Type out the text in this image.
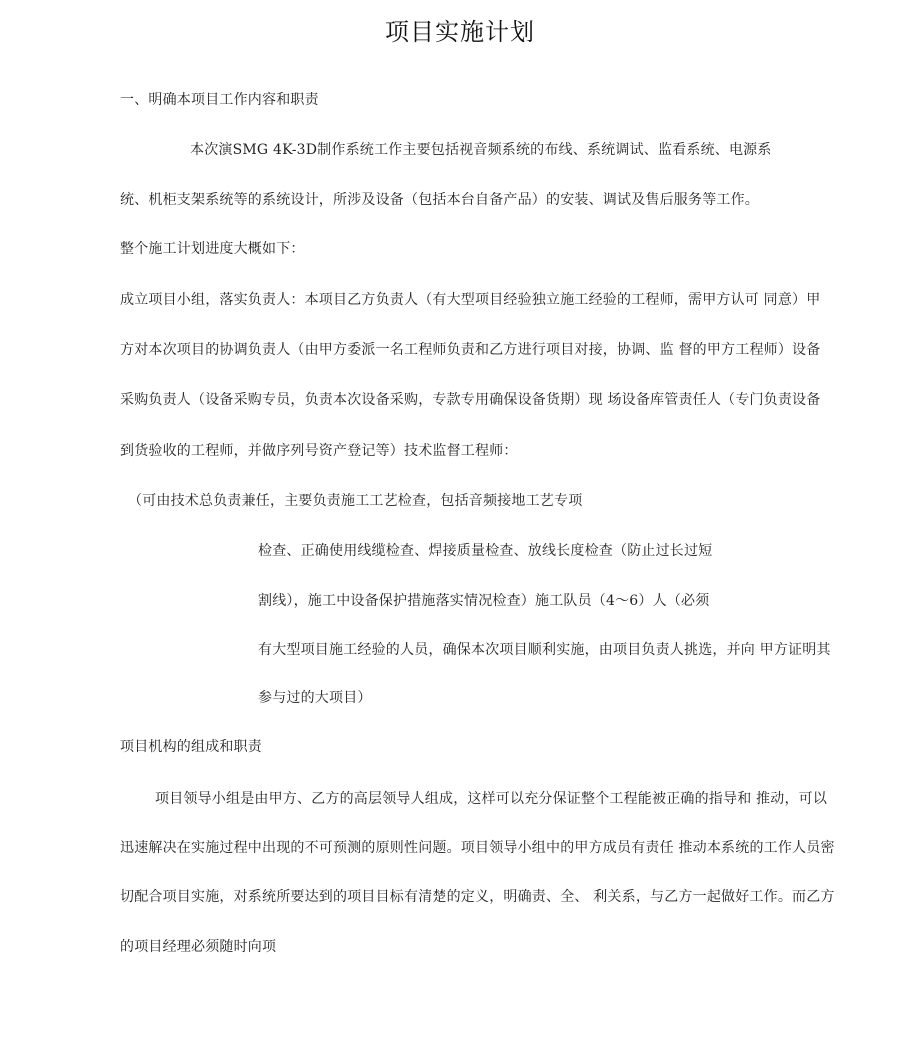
项目实施计划
一、明确本项目工作内容和职责
本次演SMG 4K-3D制作系统工作主要包括视音频系统的布线、系统调试、监看系统、电源系
统、机柜支架系统等的系统设计，所涉及设备（包括本台自备产品）的安装、调试及售后服务等工作。
整个施工计划进度大概如下：
成立项目小组，落实负责人：本项目乙方负责人（有大型项目经验独立施工经验的工程师，需甲方认可 同意）甲
方对本次项目的协调负责人（由甲方委派一名工程师负责和乙方进行项目对接，协调、监 督的甲方工程师）设备
采购负责人（设备采购专员，负责本次设备采购，专款专用确保设备货期）现 场设备库管责任人（专门负责设备
到货验收的工程师，并做序列号资产登记等）技术监督工程师：
（可由技术总负责兼任，主要负责施工工艺检查，包括音频接地工艺专项
检查、正确使用线缆检查、焊接质量检查、放线长度检查（防止过长过短
割线），施工中设备保护措施落实情况检查）施工队员（4～6）人（必须
有大型项目施工经验的人员，确保本次项目顺利实施，由项目负责人挑选，并向 甲方证明其
参与过的大项目）
项目机构的组成和职责
项目领导小组是由甲方、乙方的高层领导人组成，这样可以充分保证整个工程能被正确的指导和 推动，可以
迅速解决在实施过程中出现的不可预测的原则性问题。项目领导小组中的甲方成员有责任 推动本系统的工作人员密
切配合项目实施，对系统所要达到的项目目标有清楚的定义，明确责、全、 利关系，与乙方一起做好工作。而乙方
的项目经理必须随时向项
